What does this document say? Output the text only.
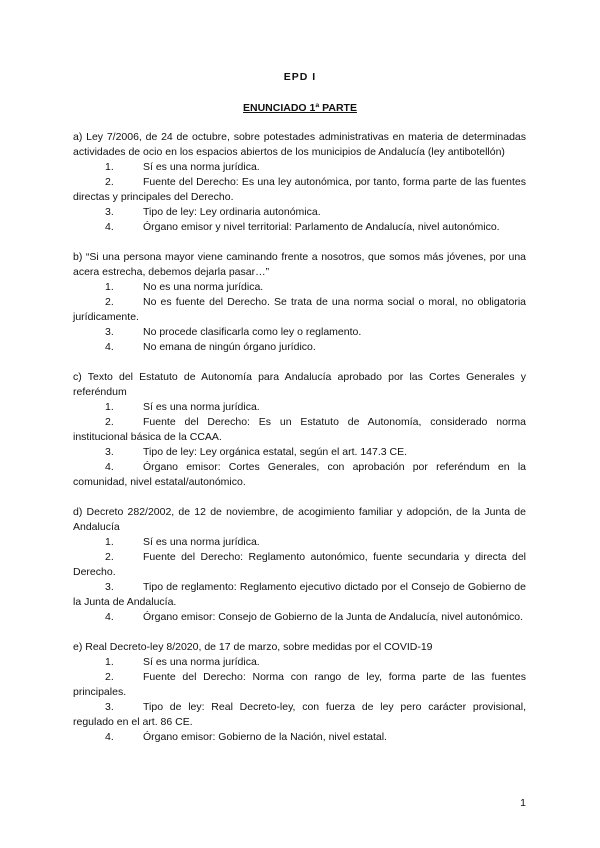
EPD I
ENUNCIADO 1ª PARTE

a) Ley 7/2006, de 24 de octubre, sobre potestades administrativas en materia de determinadas actividades de ocio en los espacios abiertos de los municipios de Andalucía (ley antibotellón)

1.	Sí es una norma jurídica.

2.	Fuente del Derecho: Es una ley autonómica, por tanto, forma parte de las fuentes directas y principales del Derecho.

3.	Tipo de ley: Ley ordinaria autonómica.

4.	Órgano emisor y nivel territorial: Parlamento de Andalucía, nivel autonómico.

b) “Si una persona mayor viene caminando frente a nosotros, que somos más jóvenes, por una acera estrecha, debemos dejarla pasar…”

1.	No es una norma jurídica.

2.	No es fuente del Derecho. Se trata de una norma social o moral, no obligatoria jurídicamente.

3.	No procede clasificarla como ley o reglamento.

4.	No emana de ningún órgano jurídico.

c) Texto del Estatuto de Autonomía para Andalucía aprobado por las Cortes Generales y referéndum

1.	Sí es una norma jurídica.

2.	Fuente del Derecho: Es un Estatuto de Autonomía, considerado norma institucional básica de la CCAA.

3.	Tipo de ley: Ley orgánica estatal, según el art. 147.3 CE.

4.	Órgano emisor: Cortes Generales, con aprobación por referéndum en la comunidad, nivel estatal/autonómico.

d) Decreto 282/2002, de 12 de noviembre, de acogimiento familiar y adopción, de la Junta de Andalucía

1.	Sí es una norma jurídica.

2.	Fuente del Derecho: Reglamento autonómico, fuente secundaria y directa del Derecho.

3.	Tipo de reglamento: Reglamento ejecutivo dictado por el Consejo de Gobierno de la Junta de Andalucía.

4.	Órgano emisor: Consejo de Gobierno de la Junta de Andalucía, nivel autonómico.

e) Real Decreto-ley 8/2020, de 17 de marzo, sobre medidas por el COVID-19

1.	Sí es una norma jurídica.

2.	Fuente del Derecho: Norma con rango de ley, forma parte de las fuentes principales.

3.	Tipo de ley: Real Decreto-ley, con fuerza de ley pero carácter provisional, regulado en el art. 86 CE.

4.	Órgano emisor: Gobierno de la Nación, nivel estatal.

1
